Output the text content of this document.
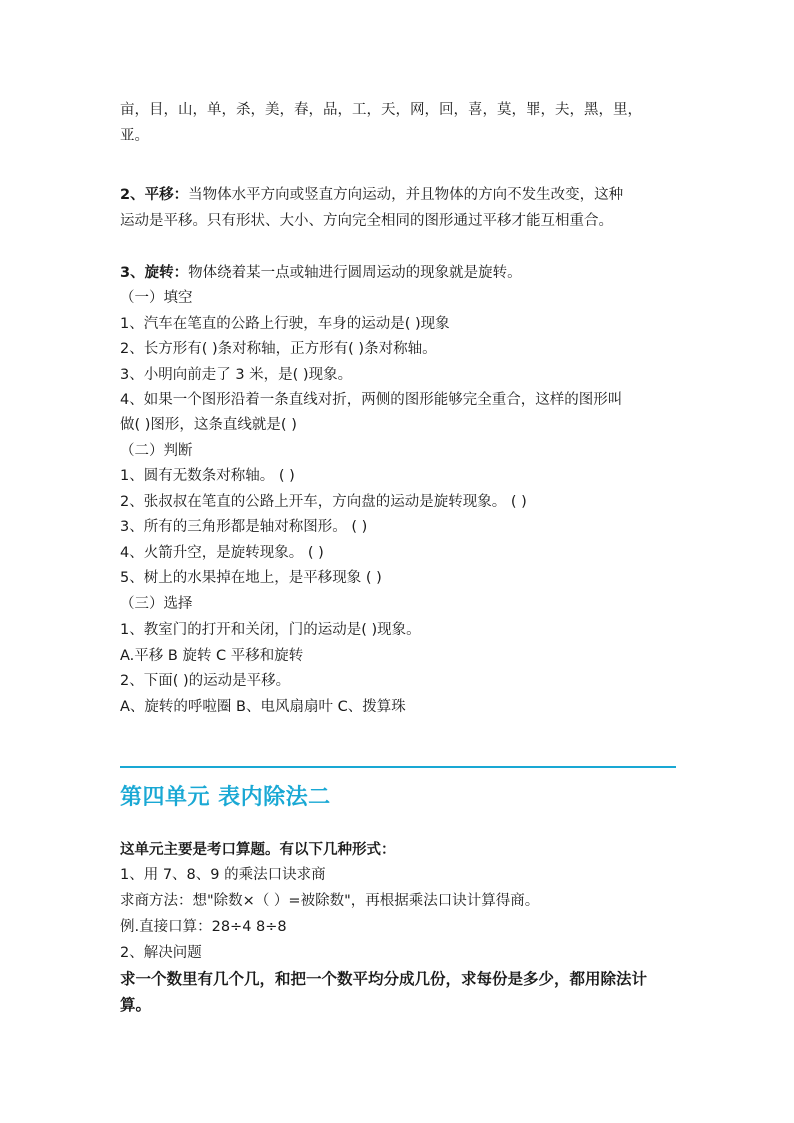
亩，目，山，单，杀，美，春，品，工，天，网，回，喜，莫，罪，夫，黑，里，
亚。
2、平移：当物体水平方向或竖直方向运动，并且物体的方向不发生改变，这种
运动是平移。只有形状、大小、方向完全相同的图形通过平移才能互相重合。
3、旋转：物体绕着某一点或轴进行圆周运动的现象就是旋转。
（一）填空
1、汽车在笔直的公路上行驶，车身的运动是( )现象
2、长方形有( )条对称轴，正方形有( )条对称轴。
3、小明向前走了 3 米，是( )现象。
4、如果一个图形沿着一条直线对折，两侧的图形能够完全重合，这样的图形叫
做( )图形，这条直线就是( )
（二）判断
1、圆有无数条对称轴。 ( )
2、张叔叔在笔直的公路上开车，方向盘的运动是旋转现象。 ( )
3、所有的三角形都是轴对称图形。 ( )
4、火箭升空，是旋转现象。 ( )
5、树上的水果掉在地上，是平移现象 ( )
（三）选择
1、教室门的打开和关闭，门的运动是( )现象。
A.平移 B 旋转 C 平移和旋转
2、下面( )的运动是平移。
A、旋转的呼啦圈 B、电风扇扇叶 C、拨算珠
第四单元 表内除法二
这单元主要是考口算题。有以下几种形式：
1、用 7、8、9 的乘法口诀求商
求商方法：想"除数×（ ）=被除数"，再根据乘法口诀计算得商。
例.直接口算：28÷4 8÷8
2、解决问题
求一个数里有几个几，和把一个数平均分成几份，求每份是多少，都用除法计
算。
